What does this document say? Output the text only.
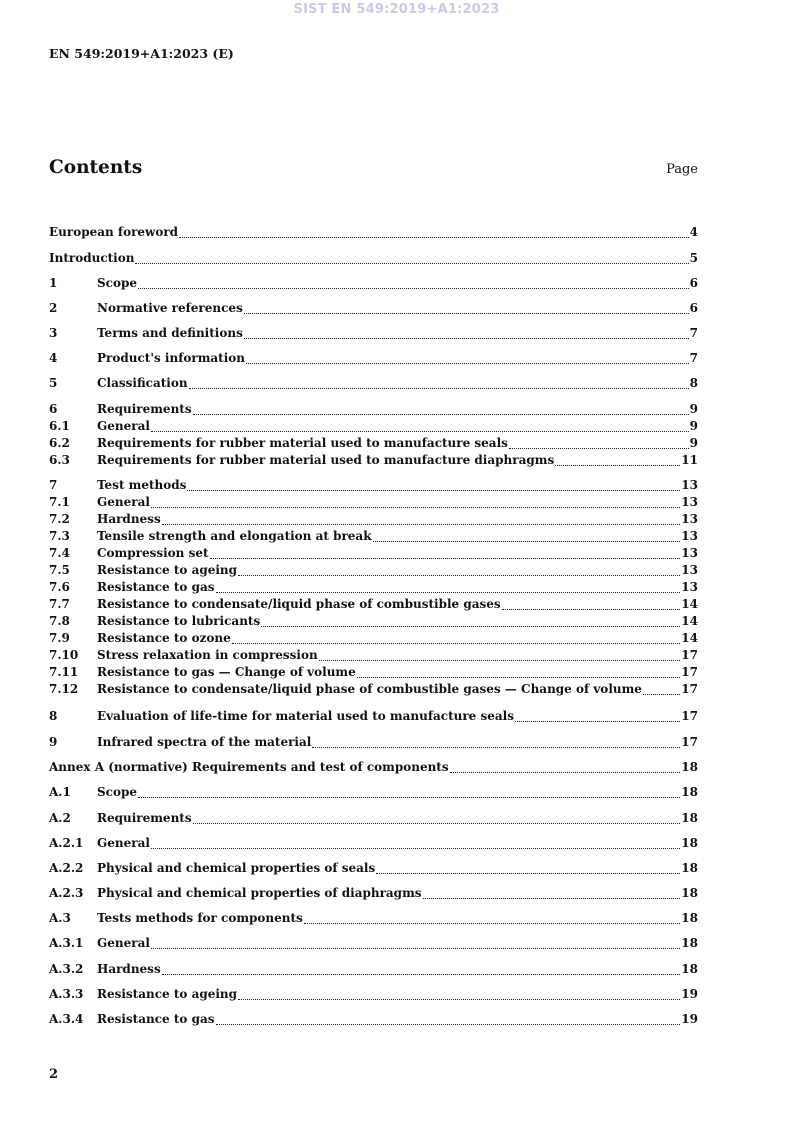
SIST EN 549:2019+A1:2023
EN 549:2019+A1:2023 (E)
Contents	Page
European foreword	4
Introduction	5
1	Scope	6
2	Normative references	6
3	Terms and definitions	7
4	Product's information	7
5	Classification	8
6	Requirements	9
6.1	General	9
6.2	Requirements for rubber material used to manufacture seals	9
6.3	Requirements for rubber material used to manufacture diaphragms	11
7	Test methods	13
7.1	General	13
7.2	Hardness	13
7.3	Tensile strength and elongation at break	13
7.4	Compression set	13
7.5	Resistance to ageing	13
7.6	Resistance to gas	13
7.7	Resistance to condensate/liquid phase of combustible gases	14
7.8	Resistance to lubricants	14
7.9	Resistance to ozone	14
7.10	Stress relaxation in compression	17
7.11	Resistance to gas — Change of volume	17
7.12	Resistance to condensate/liquid phase of combustible gases — Change of volume	17
8	Evaluation of life-time for material used to manufacture seals	17
9	Infrared spectra of the material	17
Annex A (normative) Requirements and test of components	18
A.1	Scope	18
A.2	Requirements	18
A.2.1	General	18
A.2.2	Physical and chemical properties of seals	18
A.2.3	Physical and chemical properties of diaphragms	18
A.3	Tests methods for components	18
A.3.1	General	18
A.3.2	Hardness	18
A.3.3	Resistance to ageing	19
A.3.4	Resistance to gas	19
2
